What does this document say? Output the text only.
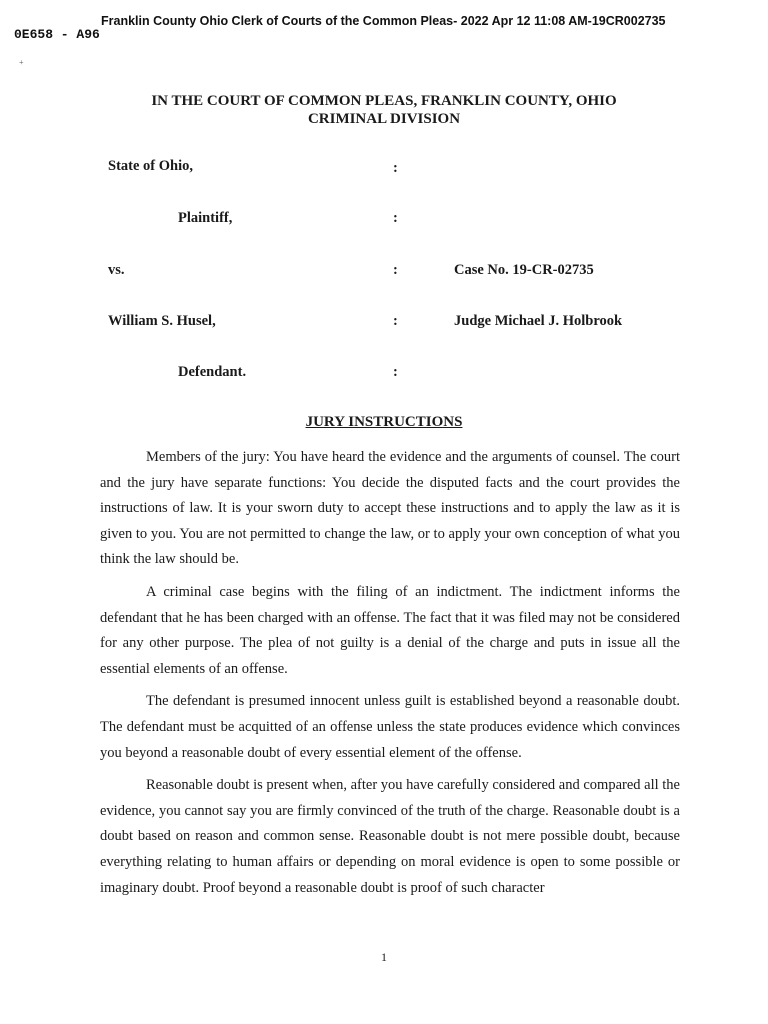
Franklin County Ohio Clerk of Courts of the Common Pleas- 2022 Apr 12 11:08 AM-19CR002735
0E658 - A96
+
IN THE COURT OF COMMON PLEAS, FRANKLIN COUNTY, OHIO
CRIMINAL DIVISION
State of Ohio,	:
Plaintiff,	:
vs.	:	Case No. 19-CR-02735
William S. Husel,	:	Judge Michael J. Holbrook
Defendant.	:
JURY INSTRUCTIONS

Members of the jury: You have heard the evidence and the arguments of counsel. The court and the jury have separate functions: You decide the disputed facts and the court provides the instructions of law. It is your sworn duty to accept these instructions and to apply the law as it is given to you. You are not permitted to change the law, or to apply your own conception of what you think the law should be.

A criminal case begins with the filing of an indictment. The indictment informs the defendant that he has been charged with an offense. The fact that it was filed may not be considered for any other purpose. The plea of not guilty is a denial of the charge and puts in issue all the essential elements of an offense.

The defendant is presumed innocent unless guilt is established beyond a reasonable doubt. The defendant must be acquitted of an offense unless the state produces evidence which convinces you beyond a reasonable doubt of every essential element of the offense.

Reasonable doubt is present when, after you have carefully considered and compared all the evidence, you cannot say you are firmly convinced of the truth of the charge. Reasonable doubt is a doubt based on reason and common sense. Reasonable doubt is not mere possible doubt, because everything relating to human affairs or depending on moral evidence is open to some possible or imaginary doubt. Proof beyond a reasonable doubt is proof of such character

1
